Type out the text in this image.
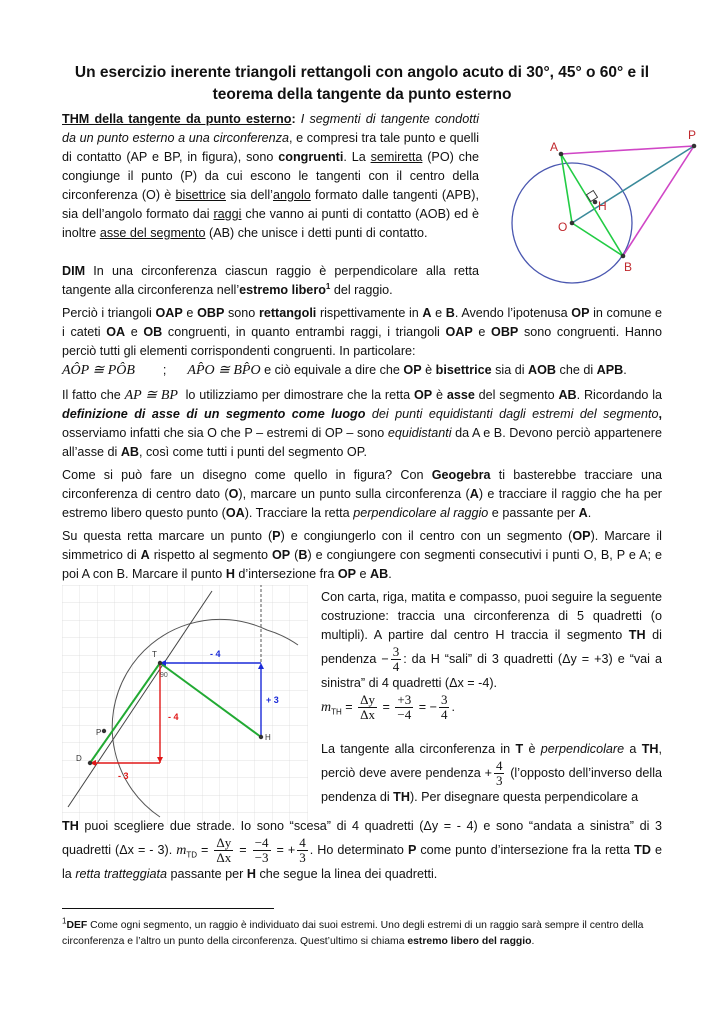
Un esercizio inerente triangoli rettangoli con angolo acuto di 30°, 45° o 60° e il teorema della tangente da punto esterno
THM della tangente da punto esterno: I segmenti di tangente condotti da un punto esterno a una circonferenza, e compresi tra tale punto e quelli di contatto (AP e BP, in figura), sono congruenti. La semiretta (PO) che congiunge il punto (P) da cui escono le tangenti con il centro della circonferenza (O) è bisettrice sia dell’angolo formato dalle tangenti (APB), sia dell’angolo formato dai raggi che vanno ai punti di contatto (AOB) ed è inoltre asse del segmento (AB) che unisce i detti punti di contatto.
A
P
O
H
B
DIM In una circonferenza ciascun raggio è perpendicolare alla retta tangente alla circonferenza nell’estremo libero$^1$ del raggio.
Perciò i triangoli OAP e OBP sono rettangoli rispettivamente in A e B. Avendo l’ipotenusa OP in comune e i cateti OA e OB congruenti, in quanto entrambi raggi, i triangoli OAP e OBP sono congruenti. Hanno perciò tutti gli elementi corrispondenti congruenti. In particolare:
AÔP ≅ PÔB ; AP̂O ≅ BP̂O e ciò equivale a dire che OP è bisettrice sia di AOB che di APB.
Il fatto che AP ≅ BP  lo utilizziamo per dimostrare che la retta OP è asse del segmento AB. Ricordando la definizione di asse di un segmento come luogo dei punti equidistanti dagli estremi del segmento, osserviamo infatti che sia O che P – estremi di OP – sono equidistanti da A e B. Devono perciò appartenere all’asse di AB, così come tutti i punti del segmento OP.
Come si può fare un disegno come quello in figura? Con Geogebra ti basterebbe tracciare una circonferenza di centro dato (O), marcare un punto sulla circonferenza (A) e tracciare il raggio che ha per estremo libero questo punto (OA). Tracciare la retta perpendicolare al raggio e passante per A.
Su questa retta marcare un punto (P) e congiungerlo con il centro con un segmento (OP). Marcare il simmetrico di A rispetto al segmento OP (B) e congiungere con segmenti consecutivi i punti O, B, P e A; e poi A con B. Marcare il punto H d’intersezione fra OP e AB.
T
90
H
P
D
- 4
+ 3
- 4
- 3
Con carta, riga, matita e compasso, puoi seguire la seguente costruzione: traccia una circonferenza di 5 quadretti (o multipli). A partire dal centro H traccia il segmento TH di pendenza − $\frac{3}{4}$ : da H “sali” di 3 quadretti (Δy = +3) e “vai a sinistra” di 4 quadretti (Δx = -4).
$m_{TH} = \frac{\Delta y}{\Delta x} = \frac{+3}{-4}$ = − $\frac{3}{4}$ .
La tangente alla circonferenza in T è perpendicolare a TH, perciò deve avere pendenza + $\frac{4}{3}$ (l’opposto dell’inverso della pendenza di TH). Per disegnare questa perpendicolare a
TH puoi scegliere due strade. Io sono “scesa” di 4 quadretti (Δy = - 4) e sono “andata a sinistra” di 3 quadretti (Δx = - 3). $m_{TD} = \frac{\Delta y}{\Delta x} = \frac{-4}{-3}$ = + $\frac{4}{3}$ . Ho determinato P come punto d’intersezione fra la retta TD e la retta tratteggiata passante per H che segue la linea dei quadretti.
$^1$DEF Come ogni segmento, un raggio è individuato dai suoi estremi. Uno degli estremi di un raggio sarà sempre il centro della circonferenza e l’altro un punto della circonferenza. Quest’ultimo si chiama estremo libero del raggio.
